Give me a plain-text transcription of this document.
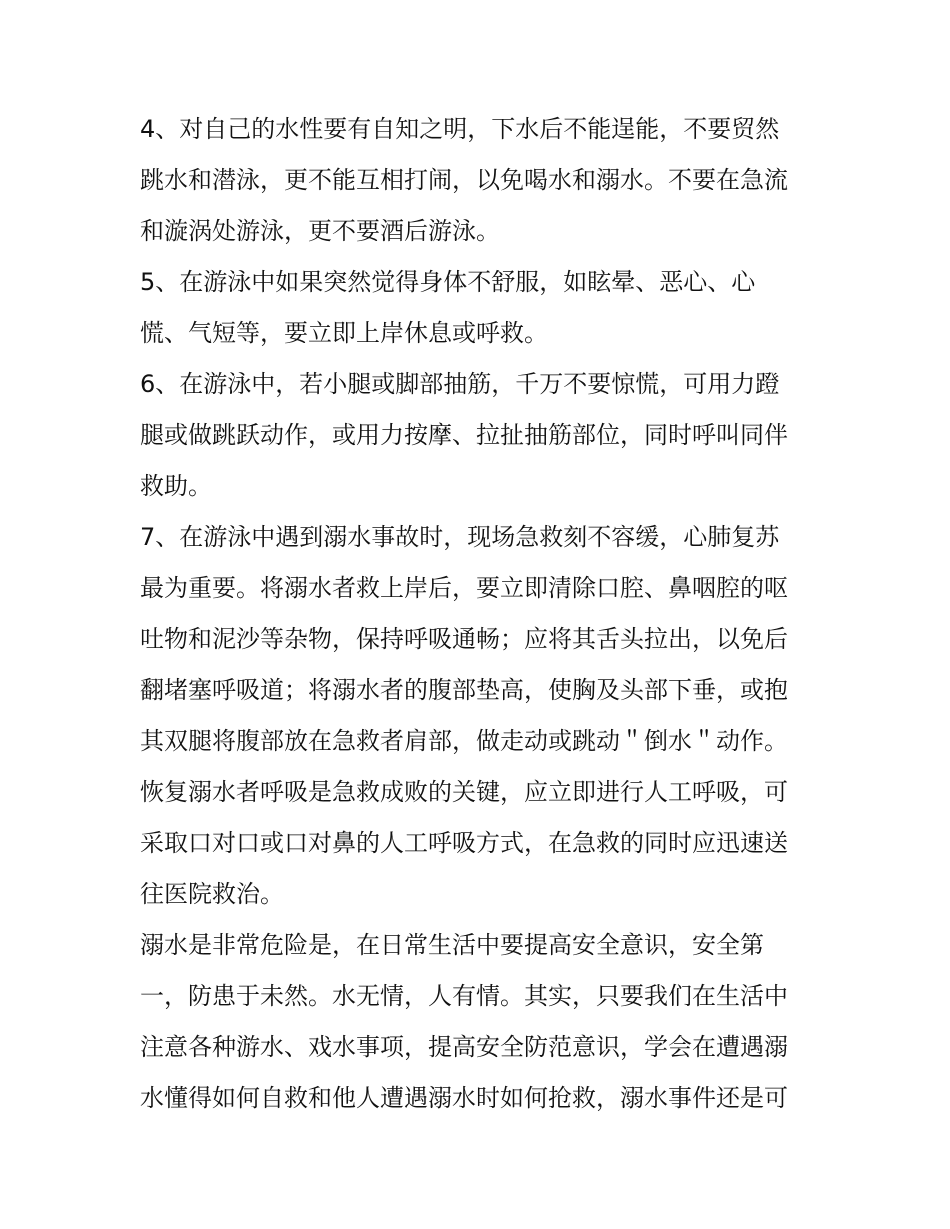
4、对自己的水性要有自知之明，下水后不能逞能，不要贸然
跳水和潜泳，更不能互相打闹，以免喝水和溺水。不要在急流
和漩涡处游泳，更不要酒后游泳。
5、在游泳中如果突然觉得身体不舒服，如眩晕、恶心、心
慌、气短等，要立即上岸休息或呼救。
6、在游泳中，若小腿或脚部抽筋，千万不要惊慌，可用力蹬
腿或做跳跃动作，或用力按摩、拉扯抽筋部位，同时呼叫同伴
救助。
7、在游泳中遇到溺水事故时，现场急救刻不容缓，心肺复苏
最为重要。将溺水者救上岸后，要立即清除口腔、鼻咽腔的呕
吐物和泥沙等杂物，保持呼吸通畅；应将其舌头拉出，以免后
翻堵塞呼吸道；将溺水者的腹部垫高，使胸及头部下垂，或抱
其双腿将腹部放在急救者肩部，做走动或跳动＂倒水＂动作。
恢复溺水者呼吸是急救成败的关键，应立即进行人工呼吸，可
采取口对口或口对鼻的人工呼吸方式，在急救的同时应迅速送
往医院救治。
溺水是非常危险是，在日常生活中要提高安全意识，安全第
一，防患于未然。水无情，人有情。其实，只要我们在生活中
注意各种游水、戏水事项，提高安全防范意识，学会在遭遇溺
水懂得如何自救和他人遭遇溺水时如何抢救，溺水事件还是可
